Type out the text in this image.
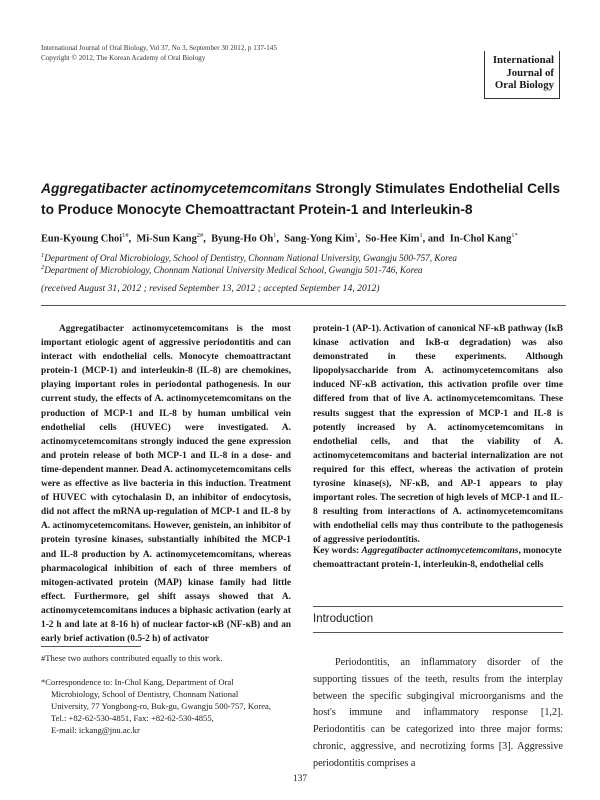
International Journal of Oral Biology, Vol 37, No 3, September 30 2012, p 137-145
Copyright © 2012, The Korean Academy of Oral Biology	International
Journal of
Oral Biology
Aggregatibacter actinomycetemcomitans Strongly Stimulates Endothelial Cells to Produce Monocyte Chemoattractant Protein-1 and Interleukin-8
Eun-Kyoung Choi$^{1\#}$,  Mi-Sun Kang$^{2\#}$,  Byung-Ho Oh$^1$,  Sang-Yong Kim$^1$,  So-Hee Kim$^1$, and  In-Chol Kang$^{1*}$
$^1$Department of Oral Microbiology, School of Dentistry, Chonnam National University, Gwangju 500-757, Korea
$^2$Department of Microbiology, Chonnam National University Medical School, Gwangju 501-746, Korea
(received August 31, 2012 ; revised September 13, 2012 ; accepted September 14, 2012)
Aggregatibacter actinomycetemcomitans is the most important etiologic agent of aggressive periodontitis and can interact with endothelial cells. Monocyte chemoattractant protein-1 (MCP-1) and interleukin-8 (IL-8) are chemokines, playing important roles in periodontal pathogenesis. In our current study, the effects of A. actinomycetemcomitans on the production of MCP-1 and IL-8 by human umbilical vein endothelial cells (HUVEC) were investigated. A. actinomycetemcomitans strongly induced the gene expression and protein release of both MCP-1 and IL-8 in a dose- and time-dependent manner. Dead A. actinomycetemcomitans cells were as effective as live bacteria in this induction. Treatment of HUVEC with cytochalasin D, an inhibitor of endocytosis, did not affect the mRNA up-regulation of MCP-1 and IL-8 by A. actinomycetemcomitans. However, genistein, an inhibitor of protein tyrosine kinases, substantially inhibited the MCP-1 and IL-8 production by A. actinomycetemcomitans, whereas pharmacological inhibition of each of three members of mitogen-activated protein (MAP) kinase family had little effect. Furthermore, gel shift assays showed that A. actinomycetemcomitans induces a biphasic activation (early at 1-2 h and late at 8-16 h) of nuclear factor-κB (NF-κB) and an early brief activation (0.5-2 h) of activator
protein-1 (AP-1). Activation of canonical NF-κB pathway (IκB kinase activation and IκB-α degradation) was also demonstrated in these experiments. Although lipopolysaccharide from A. actinomycetemcomitans also induced NF-κB activation, this activation profile over time differed from that of live A. actinomycetemcomitans. These results suggest that the expression of MCP-1 and IL-8 is potently increased by A. actinomycetemcomitans in endothelial cells, and that the viability of A. actinomycetemcomitans and bacterial internalization are not required for this effect, whereas the activation of protein tyrosine kinase(s), NF-κB, and AP-1 appears to play important roles. The secretion of high levels of MCP-1 and IL-8 resulting from interactions of A. actinomycetemcomitans with endothelial cells may thus contribute to the pathogenesis of aggressive periodontitis.
Key words: Aggregatibacter actinomycetemcomitans, monocyte chemoattractant protein-1, interleukin-8, endothelial cells
Introduction
Periodontitis, an inflammatory disorder of the supporting tissues of the teeth, results from the interplay between the specific subgingival microorganisms and the host's immune and inflammatory response [1,2]. Periodontitis can be categorized into three major forms: chronic, aggressive, and necrotizing forms [3]. Aggressive periodontitis comprises a
#These two authors contributed equally to this work.
*Correspondence to: In-Chol Kang, Department of Oral
Microbiology, School of Dentistry, Chonnam National
University, 77 Yongbong-ro, Buk-gu, Gwangju 500-757, Korea,
Tel.: +82-62-530-4851, Fax: +82-62-530-4855,
E-mail: ickang@jnu.ac.kr
137
